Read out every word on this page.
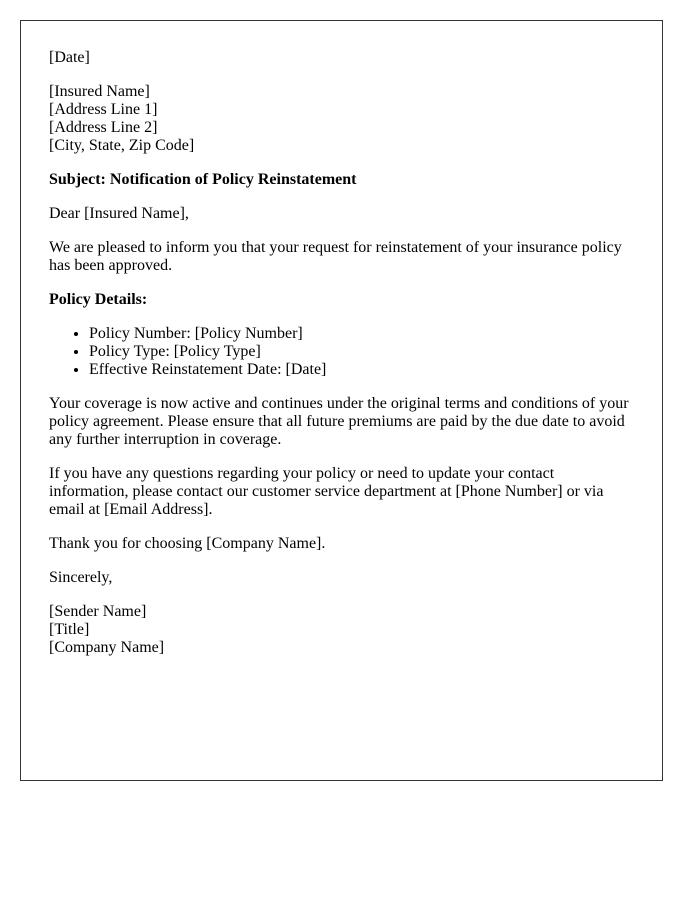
[Date]

[Insured Name]
[Address Line 1]
[Address Line 2]
[City, State, Zip Code]

Subject: Notification of Policy Reinstatement

Dear [Insured Name],

We are pleased to inform you that your request for reinstatement of your insurance policy has been approved.

Policy Details:

• Policy Number: [Policy Number]
• Policy Type: [Policy Type]
• Effective Reinstatement Date: [Date]

Your coverage is now active and continues under the original terms and conditions of your policy agreement. Please ensure that all future premiums are paid by the due date to avoid any further interruption in coverage.

If you have any questions regarding your policy or need to update your contact information, please contact our customer service department at [Phone Number] or via email at [Email Address].

Thank you for choosing [Company Name].

Sincerely,

[Sender Name]
[Title]
[Company Name]
